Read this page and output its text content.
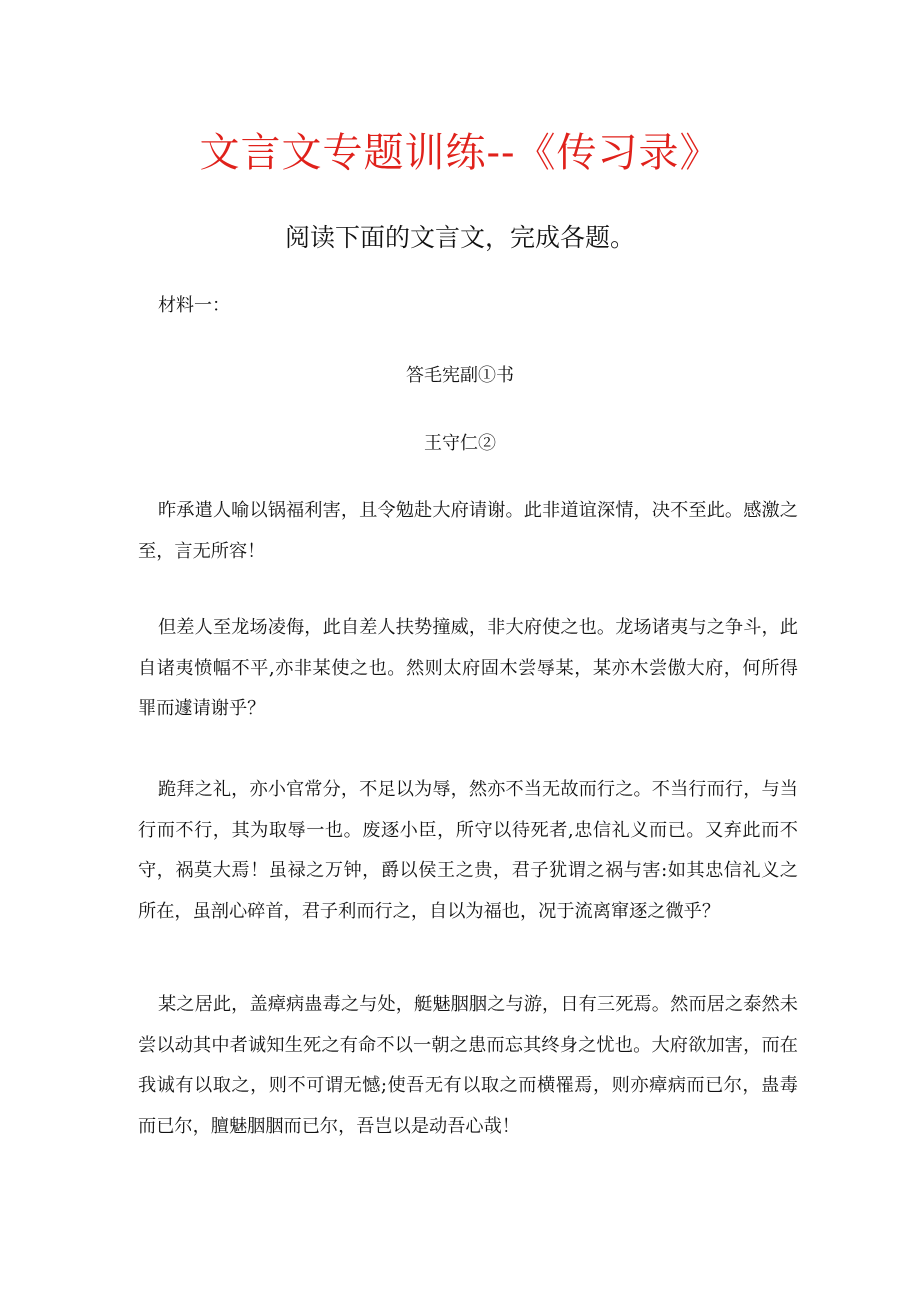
文言文专题训练--《传习录》

阅读下面的文言文，完成各题。

材料一：

答毛宪副①书

王守仁②

昨承遣人喻以锅福利害，且令勉赴大府请谢。此非道谊深情，决不至此。感激之至，言无所容！

但差人至龙场凌侮，此自差人扶势撞威，非大府使之也。龙场诸夷与之争斗，此自诸夷愤幅不平,亦非某使之也。然则太府固木尝辱某，某亦木尝傲大府，何所得罪而遽请谢乎？

跪拜之礼，亦小官常分，不足以为辱，然亦不当无故而行之。不当行而行，与当行而不行，其为取辱一也。废逐小臣，所守以待死者,忠信礼义而已。又弃此而不守，祸莫大焉！虽禄之万钟，爵以侯王之贵，君子犹谓之祸与害:如其忠信礼义之所在，虽剖心碎首，君子利而行之，自以为福也，况于流离窜逐之微乎？

某之居此，盖瘴病蛊毒之与处，艇魅胭胭之与游，日有三死焉。然而居之泰然未尝以动其中者诚知生死之有命不以一朝之患而忘其终身之忧也。大府欲加害，而在我诚有以取之，则不可谓无憾;使吾无有以取之而横罹焉，则亦瘴病而已尔，蛊毒而已尔，膻魅胭胭而已尔，吾岂以是动吾心哉！
